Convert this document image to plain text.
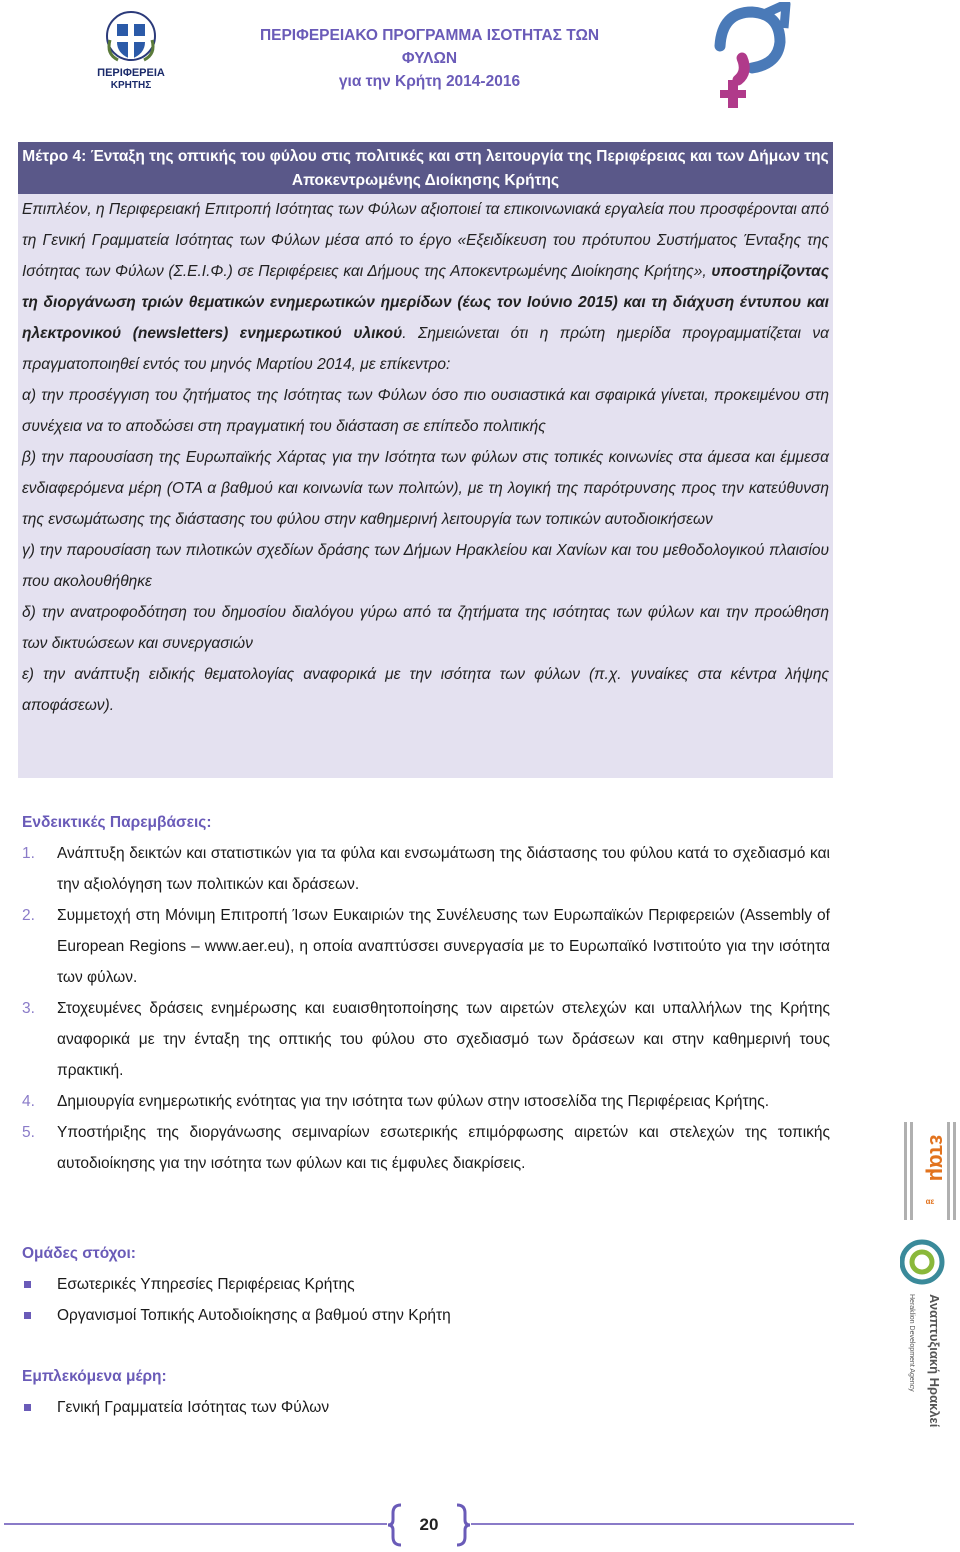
ΠΕΡΙΦΕΡΕΙΑ
ΚΡΗΤΗΣ
ΠΕΡΙΦΕΡΕΙΑΚΟ ΠΡΟΓΡΑΜΜΑ ΙΣΟΤΗΤΑΣ ΤΩΝ ΦΥΛΩΝ
για την Κρήτη 2014-2016
Μέτρο 4: Ένταξη της οπτικής του φύλου στις πολιτικές και στη λειτουργία της Περιφέρειας και των Δήμων της Αποκεντρωμένης Διοίκησης Κρήτης

Επιπλέον, η Περιφερειακή Επιτροπή Ισότητας των Φύλων αξιοποιεί τα επικοινωνιακά εργαλεία που προσφέρονται από τη Γενική Γραμματεία Ισότητας των Φύλων μέσα από το έργο «Εξειδίκευση του πρότυπου Συστήματος Ένταξης της Ισότητας των Φύλων (Σ.Ε.Ι.Φ.) σε Περιφέρειες και Δήμους της Αποκεντρωμένης Διοίκησης Κρήτης», υποστηρίζοντας τη διοργάνωση τριών θεματικών ενημερωτικών ημερίδων (έως τον Ιούνιο 2015) και τη διάχυση έντυπου και ηλεκτρονικού (newsletters) ενημερωτικού υλικού. Σημειώνεται ότι η πρώτη ημερίδα προγραμματίζεται να πραγματοποιηθεί εντός του μηνός Μαρτίου 2014, με επίκεντρο:

α) την προσέγγιση του ζητήματος της Ισότητας των Φύλων όσο πιο ουσιαστικά και σφαιρικά γίνεται, προκειμένου στη συνέχεια να το αποδώσει στη πραγματική του διάσταση σε επίπεδο πολιτικής

β) την παρουσίαση της Ευρωπαϊκής Χάρτας για την Ισότητα των φύλων στις τοπικές κοινωνίες στα άμεσα και έμμεσα ενδιαφερόμενα μέρη (ΟΤΑ α βαθμού και κοινωνία των πολιτών), με τη λογική της παρότρυνσης προς την κατεύθυνση της ενσωμάτωσης της διάστασης του φύλου στην καθημερινή λειτουργία των τοπικών αυτοδιοικήσεων

γ) την παρουσίαση των πιλοτικών σχεδίων δράσης των Δήμων Ηρακλείου και Χανίων και του μεθοδολογικού πλαισίου που ακολουθήθηκε

δ) την ανατροφοδότηση του δημοσίου διαλόγου γύρω από τα ζητήματα της ισότητας των φύλων και την προώθηση των δικτυώσεων και συνεργασιών

ε) την ανάπτυξη ειδικής θεματολογίας αναφορικά με την ισότητα των φύλων (π.χ. γυναίκες στα κέντρα λήψης αποφάσεων).

Ενδεικτικές Παρεμβάσεις:
1. Ανάπτυξη δεικτών και στατιστικών για τα φύλα και ενσωμάτωση της διάστασης του φύλου κατά το σχεδιασμό και την αξιολόγηση των πολιτικών και δράσεων.
2. Συμμετοχή στη Μόνιμη Επιτροπή Ίσων Ευκαιριών της Συνέλευσης των Ευρωπαϊκών Περιφερειών (Assembly of European Regions – www.aer.eu), η οποία αναπτύσσει συνεργασία με το Ευρωπαϊκό Ινστιτούτο για την ισότητα των φύλων.
3. Στοχευμένες δράσεις ενημέρωσης και ευαισθητοποίησης των αιρετών στελεχών και υπαλλήλων της Κρήτης αναφορικά με την ένταξη της οπτικής του φύλου στο σχεδιασμό των δράσεων και στην καθημερινή τους πρακτική.
4. Δημιουργία ενημερωτικής ενότητας για την ισότητα των φύλων στην ιστοσελίδα της Περιφέρειας Κρήτης.
5. Υποστήριξης της διοργάνωσης σεμιναρίων εσωτερικής επιμόρφωσης αιρετών και στελεχών της τοπικής αυτοδιοίκησης για την ισότητα των φύλων και τις έμφυλες διακρίσεις.
Ομάδες στόχοι:
Εσωτερικές Υπηρεσίες Περιφέρειας Κρήτης
Οργανισμοί Τοπικής Αυτοδιοίκησης α βαθμού στην Κρήτη
Εμπλεκόμενα μέρη:
Γενική Γραμματεία Ισότητας των Φύλων
εταμ
αε
Αναπτυξιακή Ηρακλείου
Heraklion Development Agency
20
